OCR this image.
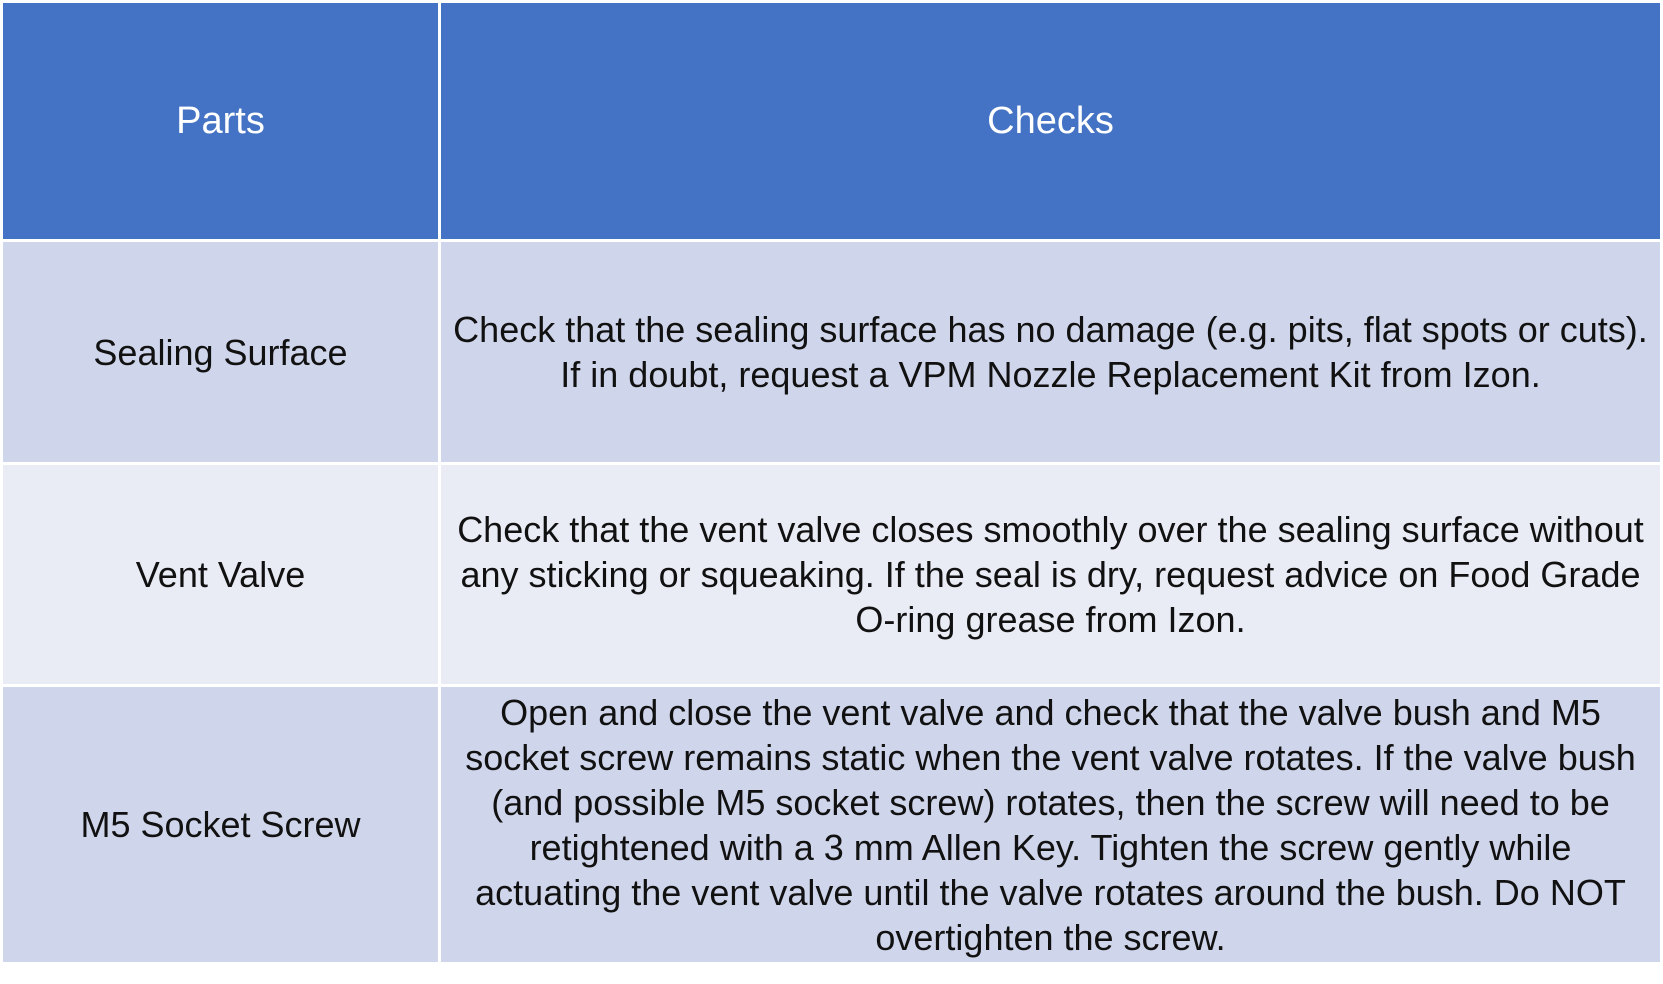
Parts	Checks
Sealing Surface	Check that the sealing surface has no damage (e.g. pits, flat spots or cuts). If in doubt, request a VPM Nozzle Replacement Kit from Izon.
Vent Valve	Check that the vent valve closes smoothly over the sealing surface without any sticking or squeaking. If the seal is dry, request advice on Food Grade O-ring grease from Izon.
M5 Socket Screw	Open and close the vent valve and check that the valve bush and M5 socket screw remains static when the vent valve rotates. If the valve bush (and possible M5 socket screw) rotates, then the screw will need to be retightened with a 3 mm Allen Key. Tighten the screw gently while actuating the vent valve until the valve rotates around the bush. Do NOT overtighten the screw.
